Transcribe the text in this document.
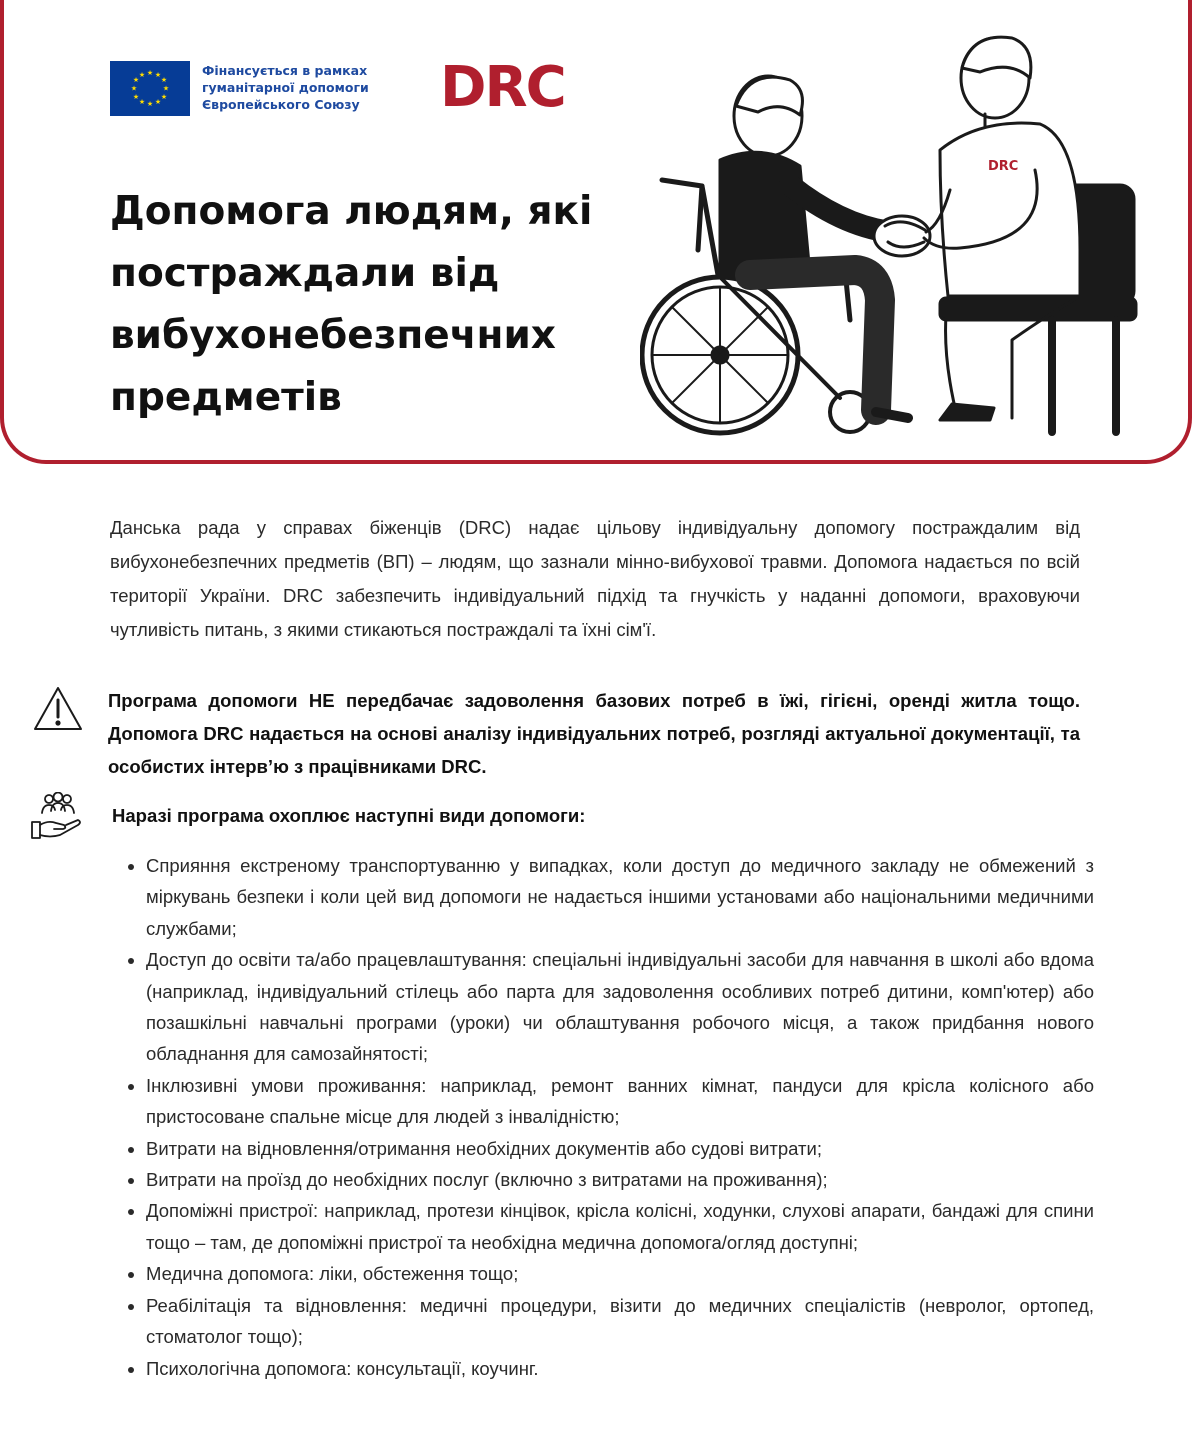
★ ★
★
★
★
★
★
★
★
★
★
★	Фінансується в рамках
гуманітарної допомоги
Європейського Союзу	DRC
Допомога людям, які
постраждали від
вибухонебезпечних
предметів
DRC

Данська рада у справах біженців (DRC) надає цільову індивідуальну допомогу постраждалим від вибухонебезпечних предметів (ВП) – людям, що зазнали мінно-вибухової травми. Допомога надається по всій території України. DRC забезпечить індивідуальний підхід та гнучкість у наданні допомоги, враховуючи чутливість питань, з якими стикаються постраждалі та їхні сім'ї.

Програма допомоги НЕ передбачає задоволення базових потреб в їжі, гігієні, оренді житла тощо. Допомога DRC надається на основі аналізу індивідуальних потреб, розгляді актуальної документації, та особистих інтерв’ю з працівниками DRC.

Наразі програма охоплює наступні види допомоги:

• Сприяння екстреному транспортуванню у випадках, коли доступ до медичного закладу не обмежений з міркувань безпеки і коли цей вид допомоги не надається іншими установами або національними медичними службами;
• Доступ до освіти та/або працевлаштування: спеціальні індивідуальні засоби для навчання в школі або вдома (наприклад, індивідуальний стілець або парта для задоволення особливих потреб дитини, комп'ютер) або позашкільні навчальні програми (уроки) чи облаштування робочого місця, а також придбання нового обладнання для самозайнятості;
• Інклюзивні умови проживання: наприклад, ремонт ванних кімнат, пандуси для крісла колісного або пристосоване спальне місце для людей з інвалідністю;
• Витрати на відновлення/отримання необхідних документів або судові витрати;
• Витрати на проїзд до необхідних послуг (включно з витратами на проживання);
• Допоміжні пристрої: наприклад, протези кінцівок, крісла колісні, ходунки, слухові апарати, бандажі для спини тощо – там, де допоміжні пристрої та необхідна медична допомога/огляд доступні;
• Медична допомога: ліки, обстеження тощо;
• Реабілітація та відновлення: медичні процедури, візити до медичних спеціалістів (невролог, ортопед, стоматолог тощо);
• Психологічна допомога: консультації, коучинг.
